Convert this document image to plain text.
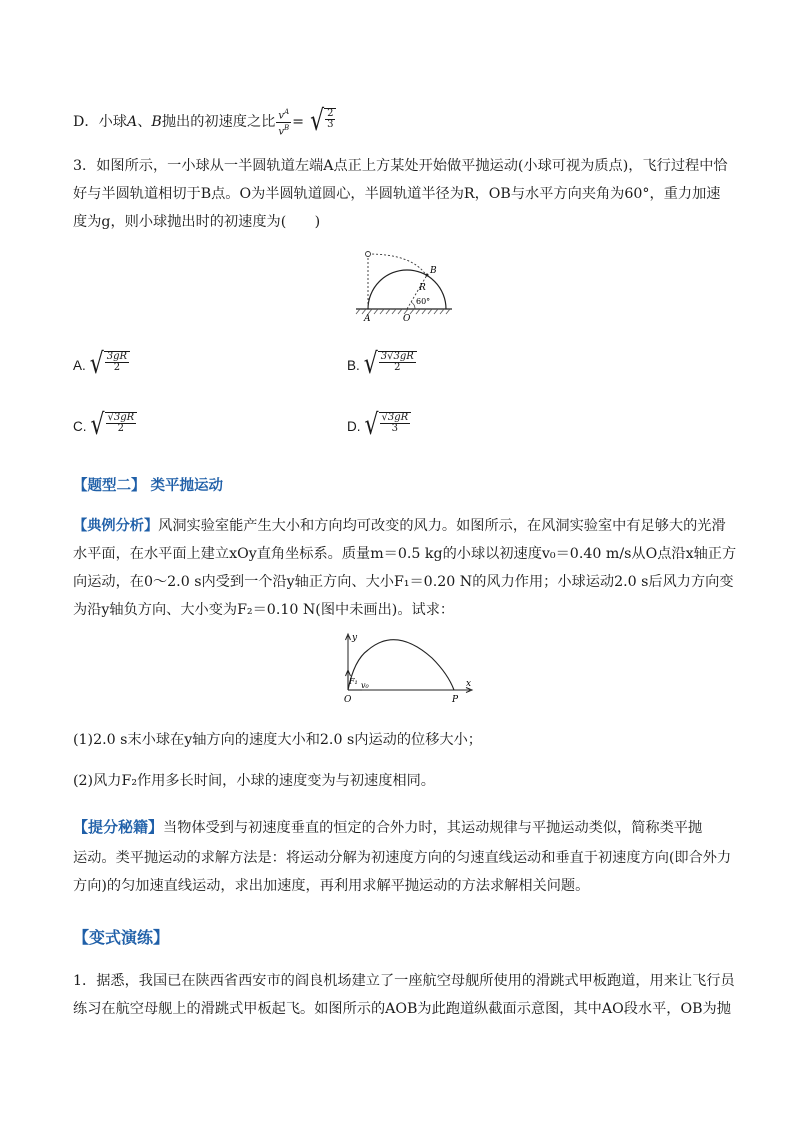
D．小球 A 、 B 抛出的初速度之比 $\frac{v^A}{v^B}$ = √ $\frac{2}{3}$
3．如图所示，一小球从一半圆轨道左端A点正上方某处开始做平抛运动(小球可视为质点)，飞行过程中恰
好与半圆轨道相切于B点。O为半圆轨道圆心，半圆轨道半径为R，OB与水平方向夹角为60°，重力加速
度为g，则小球抛出时的初速度为(　　)
B
R
60°
A	O
A. √ $\frac{3gR}{2}$	B. √ $\frac{3√3gR}{2}$
C. √ $\frac{√3gR}{2}$	D. √ $\frac{√3gR}{3}$
【题型二】 类平抛运动
【典例分析】风洞实验室能产生大小和方向均可改变的风力。如图所示，在风洞实验室中有足够大的光滑
水平面，在水平面上建立xOy直角坐标系。质量m＝0.5 kg的小球以初速度v₀＝0.40 m/s从O点沿x轴正方
向运动，在0～2.0 s内受到一个沿y轴正方向、大小F₁＝0.20 N的风力作用；小球运动2.0 s后风力方向变
为沿y轴负方向、大小变为F₂＝0.10 N(图中未画出)。试求：
y
x
F₁ v₀
O	P
(1)2.0 s末小球在y轴方向的速度大小和2.0 s内运动的位移大小；
(2)风力F₂作用多长时间，小球的速度变为与初速度相同。
【提分秘籍】当物体受到与初速度垂直的恒定的合外力时，其运动规律与平抛运动类似，简称类平抛
运动。类平抛运动的求解方法是：将运动分解为初速度方向的匀速直线运动和垂直于初速度方向(即合外力
方向)的匀加速直线运动，求出加速度，再利用求解平抛运动的方法求解相关问题。
【变式演练】
1．据悉，我国已在陕西省西安市的阎良机场建立了一座航空母舰所使用的滑跳式甲板跑道，用来让飞行员
练习在航空母舰上的滑跳式甲板起飞。如图所示的AOB为此跑道纵截面示意图，其中AO段水平，OB为抛
